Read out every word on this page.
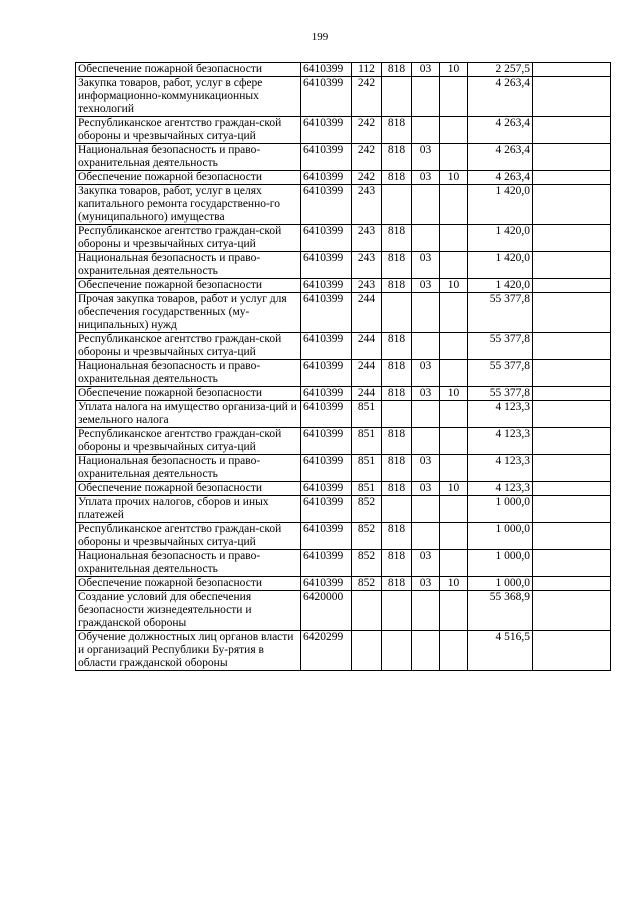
199
Обеспечение пожарной безопасности	6410399	112	818	03	10	2 257,5	
Закупка товаров, работ, услуг в сфере информационно-коммуникационных технологий	6410399	242				4 263,4	
Республиканское агентство граждан-ской обороны и чрезвычайных ситуа-ций	6410399	242	818			4 263,4	
Национальная безопасность и право-охранительная деятельность	6410399	242	818	03		4 263,4	
Обеспечение пожарной безопасности	6410399	242	818	03	10	4 263,4	
Закупка товаров, работ, услуг в целях капитального ремонта государственно-го (муниципального) имущества	6410399	243				1 420,0	
Республиканское агентство граждан-ской обороны и чрезвычайных ситуа-ций	6410399	243	818			1 420,0	
Национальная безопасность и право-охранительная деятельность	6410399	243	818	03		1 420,0	
Обеспечение пожарной безопасности	6410399	243	818	03	10	1 420,0	
Прочая закупка товаров, работ и услуг для обеспечения государственных (му-ниципальных) нужд	6410399	244				55 377,8	
Республиканское агентство граждан-ской обороны и чрезвычайных ситуа-ций	6410399	244	818			55 377,8	
Национальная безопасность и право-охранительная деятельность	6410399	244	818	03		55 377,8	
Обеспечение пожарной безопасности	6410399	244	818	03	10	55 377,8	
Уплата налога на имущество организа-ций и земельного налога	6410399	851				4 123,3	
Республиканское агентство граждан-ской обороны и чрезвычайных ситуа-ций	6410399	851	818			4 123,3	
Национальная безопасность и право-охранительная деятельность	6410399	851	818	03		4 123,3	
Обеспечение пожарной безопасности	6410399	851	818	03	10	4 123,3	
Уплата прочих налогов, сборов и иных платежей	6410399	852				1 000,0	
Республиканское агентство граждан-ской обороны и чрезвычайных ситуа-ций	6410399	852	818			1 000,0	
Национальная безопасность и право-охранительная деятельность	6410399	852	818	03		1 000,0	
Обеспечение пожарной безопасности	6410399	852	818	03	10	1 000,0	
Создание условий для обеспечения безопасности жизнедеятельности и гражданской обороны	6420000					55 368,9	
Обучение должностных лиц органов власти и организаций Республики Бу-рятия в области гражданской обороны	6420299					4 516,5	
